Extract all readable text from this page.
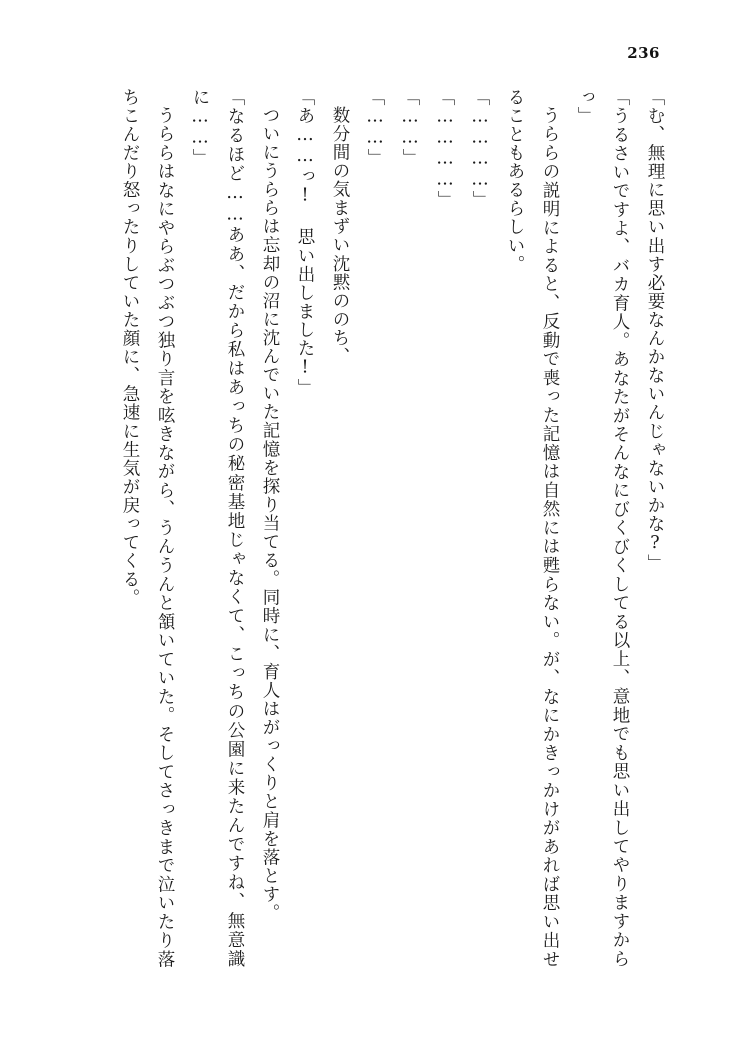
236

「む、無理に思い出す必要なんかないんじゃないかな?」

「うるさいですよ、バカ育人。あなたがそんなにびくびくしてる以上、意地でも思い出してやりますからっ」

うららの説明によると、反動で喪った記憶は自然には甦らない。が、なにかきっかけがあれば思い出せることもあるらしい。

「…………」

「…………」

「……」

「……」

数分間の気まずい沈黙ののち、

「あ……っ! 思い出しました!」

ついにうららは忘却の沼に沈んでいた記憶を探り当てる。同時に、育人はがっくりと肩を落とす。

「なるほど……ああ、だから私はあっちの秘密基地じゃなくて、こっちの公園に来たんですね、無意識に……」

うららはなにやらぶつぶつ独り言を呟きながら、うんうんと頷いていた。そしてさっきまで泣いたり落ちこんだり怒ったりしていた顔に、急速に生気が戻ってくる。
